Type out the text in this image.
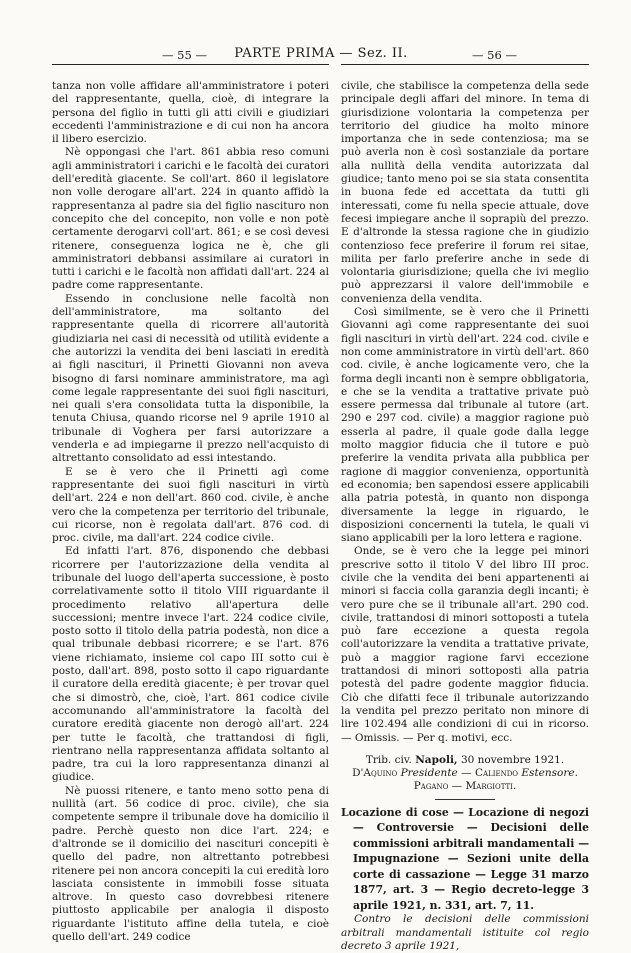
— 55 —	PARTE PRIMA — Sez. II.	— 56 —

tanza non volle affidare all'amministratore i poteri del rappresentante, quella, cioè, di integrare la persona del figlio in tutti gli atti civili e giudiziari eccedenti l'amministrazione e di cui non ha ancora il libero esercizio.

Nè oppongasi che l'art. 861 abbia reso comuni agli amministratori i carichi e le facoltà dei curatori dell'eredità giacente. Se coll'art. 860 il legislatore non volle derogare all'art. 224 in quanto affidò la rappresentanza al padre sia del figlio nascituro non concepito che del concepito, non volle e non potè certamente derogarvi coll'art. 861; e se così devesi ritenere, conseguenza logica ne è, che gli amministratori debbansi assimilare ai curatori in tutti i carichi e le facoltà non affidati dall'art. 224 al padre come rappresentante.

Essendo in conclusione nelle facoltà non dell'amministratore, ma soltanto del rappresentante quella di ricorrere all'autorità giudiziaria nei casi di necessità od utilità evidente a che autorizzi la vendita dei beni lasciati in eredità ai figli nascituri, il Prinetti Giovanni non aveva bisogno di farsi nominare amministratore, ma agì come legale rappresentante dei suoi figli nascituri, nei quali s'era consolidata tutta la disponibile, la tenuta Chiusa, quando ricorse nel 9 aprile 1910 al tribunale di Voghera per farsi autorizzare a venderla e ad impiegarne il prezzo nell'acquisto di altrettanto consolidato ad essi intestando.

E se è vero che il Prinetti agì come rappresentante dei suoi figli nascituri in virtù dell'art. 224 e non dell'art. 860 cod. civile, è anche vero che la competenza per territorio del tribunale, cui ricorse, non è regolata dall'art. 876 cod. di proc. civile, ma dall'art. 224 codice civile.

Ed infatti l'art. 876, disponendo che debbasi ricorrere per l'autorizzazione della vendita al tribunale del luogo dell'aperta successione, è posto correlativamente sotto il titolo VIII riguardante il procedimento relativo all'apertura delle successioni; mentre invece l'art. 224 codice civile, posto sotto il titolo della patria podestà, non dice a qual tribunale debbasi ricorrere; e se l'art. 876 viene richiamato, insieme col capo III sotto cui è posto, dall'art. 898, posto sotto il capo riguardante il curatore della eredità giacente; è per trovar quel che si dimostrò, che, cioè, l'art. 861 codice civile accomunando all'amministratore la facoltà del curatore eredità giacente non derogò all'art. 224 per tutte le facoltà, che trattandosi di figli, rientrano nella rappresentanza affidata soltanto al padre, tra cui la loro rappresentanza dinanzi al giudice.

Nè puossi ritenere, e tanto meno sotto pena di nullità (art. 56 codice di proc. civile), che sia competente sempre il tribunale dove ha domicilio il padre. Perchè questo non dice l'art. 224; e d'altronde se il domicilio dei nascituri concepiti è quello del padre, non altrettanto potrebbesi ritenere pei non ancora concepiti la cui eredità loro lasciata consistente in immobili fosse situata altrove. In questo caso dovrebbesi ritenere piuttosto applicabile per analogia il disposto riguardante l'istituto affine della tutela, e cioè quello dell'art. 249 codice

civile, che stabilisce la competenza della sede principale degli affari del minore. In tema di giurisdizione volontaria la competenza per territorio del giudice ha molto minore importanza che in sede contenziosa; ma se può averla non è così sostanziale da portare alla nullità della vendita autorizzata dal giudice; tanto meno poi se sia stata consentita in buona fede ed accettata da tutti gli interessati, come fu nella specie attuale, dove fecesi impiegare anche il soprapiù del prezzo. E d'altronde la stessa ragione che in giudizio contenzioso fece preferire il forum rei sitae, milita per farlo preferire anche in sede di volontaria giurisdizione; quella che ivi meglio può apprezzarsi il valore dell'immobile e convenienza della vendita.

Così similmente, se è vero che il Prinetti Giovanni agì come rappresentante dei suoi figli nascituri in virtù dell'art. 224 cod. civile e non come amministratore in virtù dell'art. 860 cod. civile, è anche logicamente vero, che la forma degli incanti non è sempre obbligatoria, e che se la vendita a trattative private può essere permessa dal tribunale al tutore (art. 290 e 297 cod. civile) a maggior ragione può esserla al padre, il quale gode dalla legge molto maggior fiducia che il tutore e può preferire la vendita privata alla pubblica per ragione di maggior convenienza, opportunità ed economia; ben sapendosi essere applicabili alla patria potestà, in quanto non disponga diversamente la legge in riguardo, le disposizioni concernenti la tutela, le quali vi siano applicabili per la loro lettera e ragione.

Onde, se è vero che la legge pei minori prescrive sotto il titolo V del libro III proc. civile che la vendita dei beni appartenenti ai minori si faccia colla garanzia degli incanti; è vero pure che se il tribunale all'art. 290 cod. civile, trattandosi di minori sottoposti a tutela può fare eccezione a questa regola coll'autorizzare la vendita a trattative private, può a maggior ragione farvi eccezione trattandosi di minori sottoposti alla patria potestà del padre godente maggior fiducia. Ciò che difatti fece il tribunale autorizzando la vendita pel prezzo peritato non minore di lire 102.494 alle condizioni di cui in ricorso. — Omissis. — Per q. motivi, ecc.

Trib. civ. Napoli, 30 novembre 1921.

D'Aquino Presidente — Caliendo Estensore.

Pagano — Margiotti.

Locazione di cose — Locazione di negozi — Controversie — Decisioni delle commissioni arbitrali mandamentali — Impugnazione — Sezioni unite della corte di cassazione — Legge 31 marzo 1877, art. 3 — Regio decreto-legge 3 aprile 1921, n. 331, art. 7, 11.

Contro le decisioni delle commissioni arbitrali mandamentali istituite col regio decreto 3 aprile 1921,
